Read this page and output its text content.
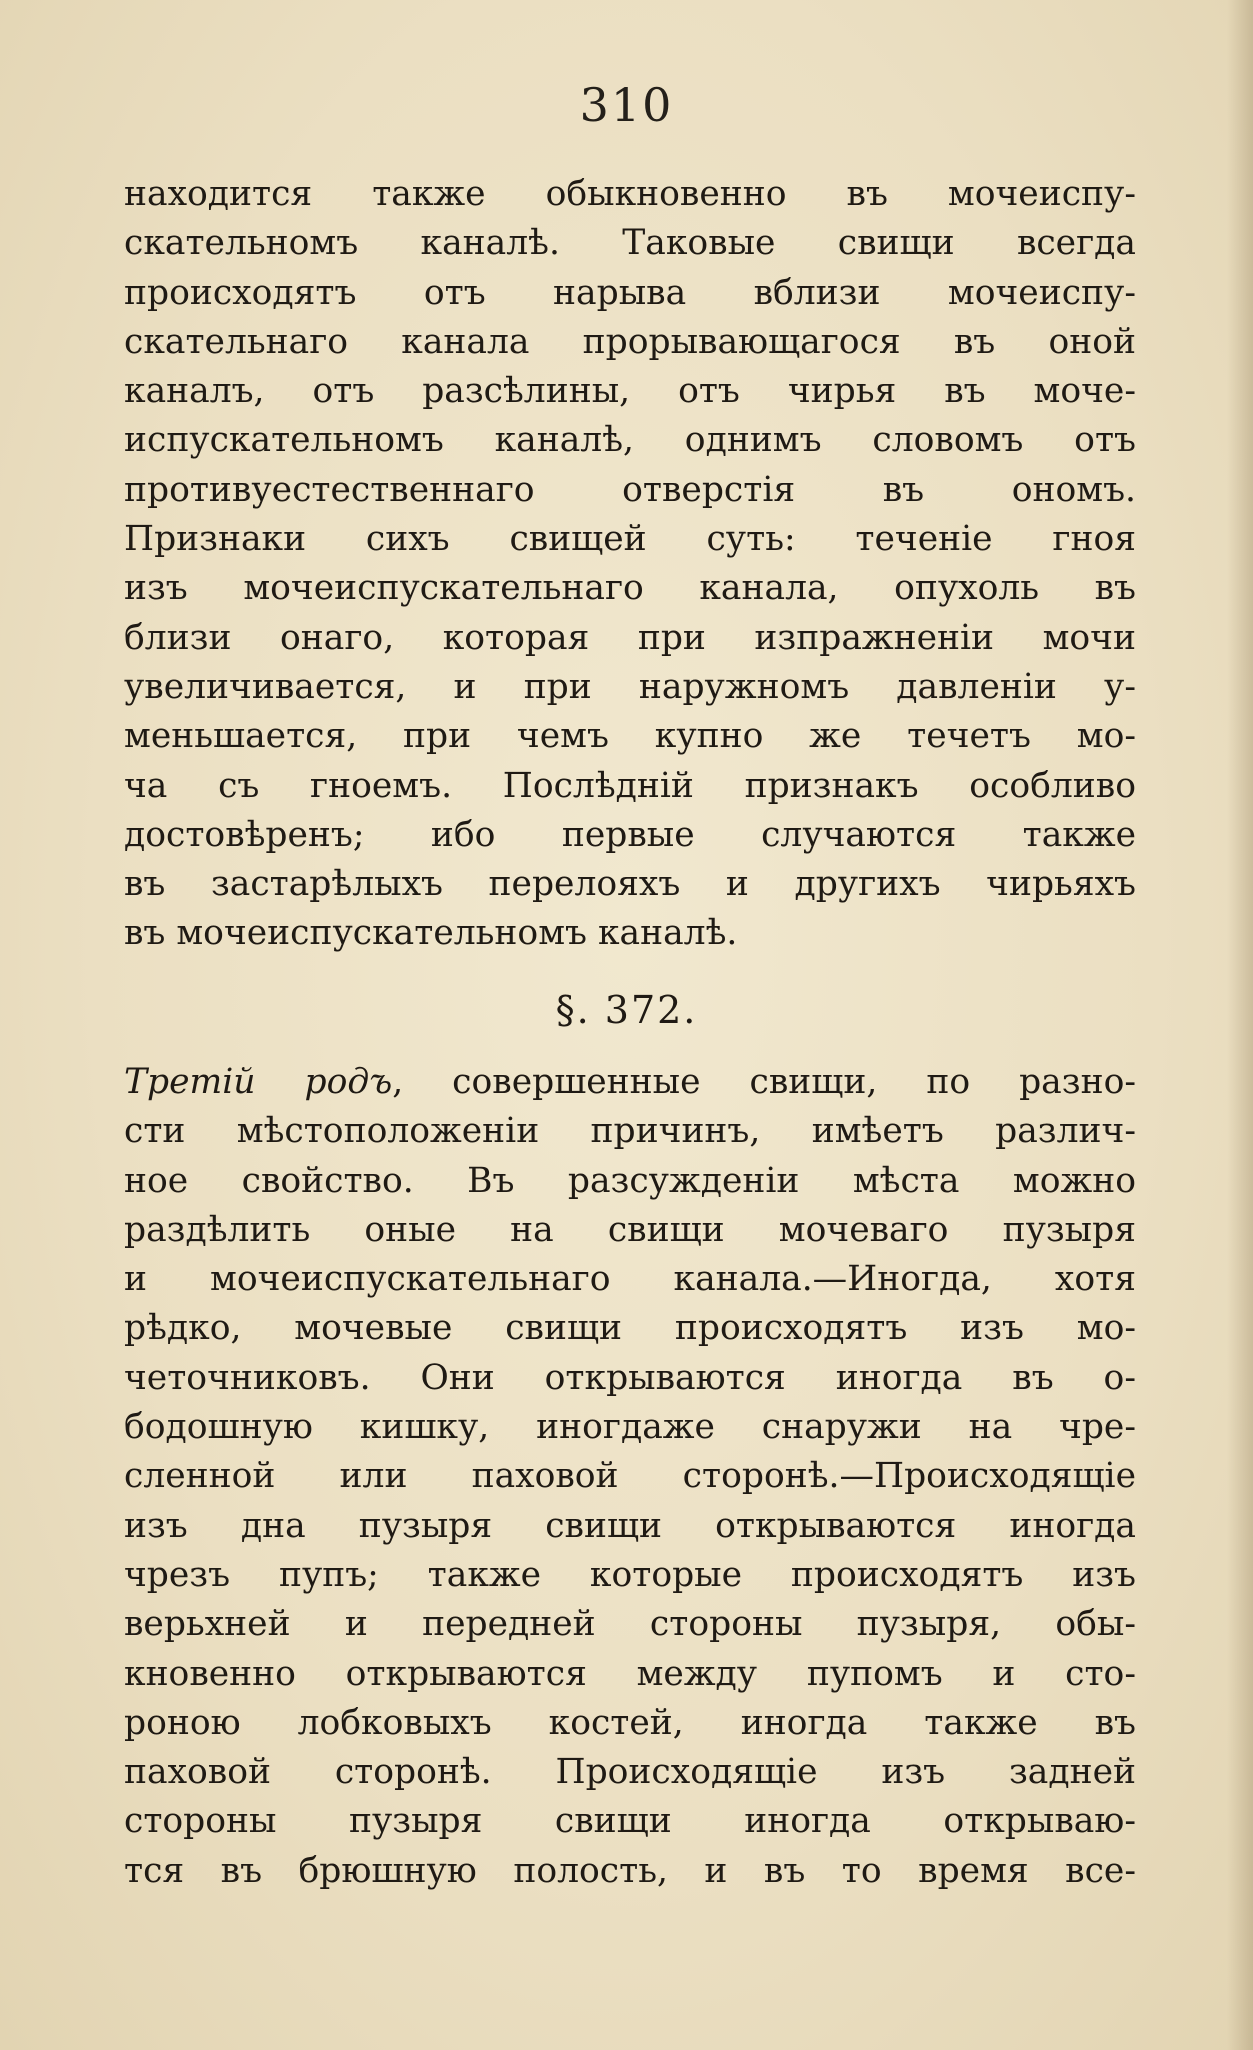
310
находится также обыкновенно въ мочеиспу-
скательномъ каналѣ. Таковые свищи всегда
происходятъ отъ нарыва вблизи мочеиспу-
скательнаго канала прорывающагося въ оной
каналъ, отъ разсѣлины, отъ чирья въ моче-
испускательномъ каналѣ, однимъ словомъ отъ
противуестественнаго отверстія въ ономъ.
Признаки сихъ свищей суть: теченіе гноя
изъ мочеиспускательнаго канала, опухоль въ
близи онаго, которая при изпражненіи мочи
увеличивается, и при наружномъ давленіи у-
меньшается, при чемъ купно же течетъ мо-
ча съ гноемъ. Послѣдній признакъ особливо
достовѣренъ; ибо первые случаются также
въ застарѣлыхъ перелояхъ и другихъ чирьяхъ
въ мочеиспускательномъ каналѣ.
§. 372.
Третій родъ, совершенные свищи, по разно-
сти мѣстоположеніи причинъ, имѣетъ различ-
ное свойство. Въ разсужденіи мѣста можно
раздѣлить оные на свищи мочеваго пузыря
и мочеиспускательнаго канала.—Иногда, хотя
рѣдко, мочевые свищи происходятъ изъ мо-
четочниковъ. Они открываются иногда въ о-
бодошную кишку, иногдаже снаружи на чре-
сленной или паховой сторонѣ.—Происходящіе
изъ дна пузыря свищи открываются иногда
чрезъ пупъ; также которые происходятъ изъ
верьхней и передней стороны пузыря, обы-
кновенно открываются между пупомъ и сто-
роною лобковыхъ костей, иногда также въ
паховой сторонѣ. Происходящіе изъ задней
стороны пузыря свищи иногда открываю-
тся въ брюшную полость, и въ то время все-
